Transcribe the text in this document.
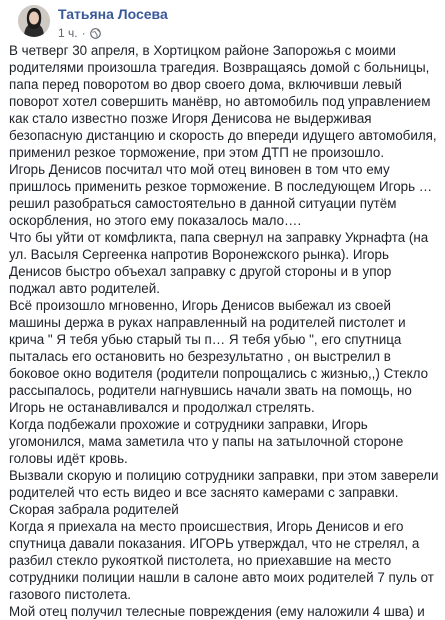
Татьяна Лосева
1 ч. ·

В четверг 30 апреля, в Хортицком районе Запорожья с моими родителями произошла трагедия. Возвращаясь домой с больницы, папа перед поворотом во двор своего дома, включивши левый поворот хотел совершить манёвр, но автомобиль под управлением как стало известно позже Игоря Денисова не выдерживая безопасную дистанцию и скорость до впереди идущего автомобиля, применил резкое торможение, при этом ДТП не произошло.

Игорь Денисов посчитал что мой отец виновен в том что ему пришлось применить резкое торможение. В последующем Игорь … решил разобраться самостоятельно в данной ситуации путём оскорбления, но этого ему показалось мало….

Что бы уйти от комфликта, папа свернул на заправку Укрнафта (на ул. Васыля Сергеенка напротив Воронежского рынка). Игорь Денисов быстро объехал заправку с другой стороны и в упор поджал авто родителей.

Всё произошло мгновенно, Игорь Денисов выбежал из своей машины держа в руках направленный на родителей пистолет и крича " Я тебя убью старый ты п… Я тебя убью ", его спутница пыталась его остановить но безрезультатно , он выстрелил в боковое окно водителя (родители попрощались с жизнью,,) Стекло рассыпалось, родители нагнувшись начали звать на помощь, но Игорь не останавливался и продолжал стрелять.

Когда подбежали прохожие и сотрудники заправки, Игорь угомонился, мама заметила что у папы на затылочной стороне головы идёт кровь.

Вызвали скорую и полицию сотрудники заправки, при этом заверели родителей что есть видео и все заснято камерами с заправки.

Скорая забрала родителей

Когда я приехала на место происшествия, Игорь Денисов и его спутница давали показания. ИГОРЬ утверждал, что не стрелял, а разбил стекло рукояткой пистолета, но приехавшие на место сотрудники полиции нашли в салоне авто моих родителей 7 пуль от газового пистолета.

Мой отец получил телесные повреждения (ему наложили 4 шва) и
